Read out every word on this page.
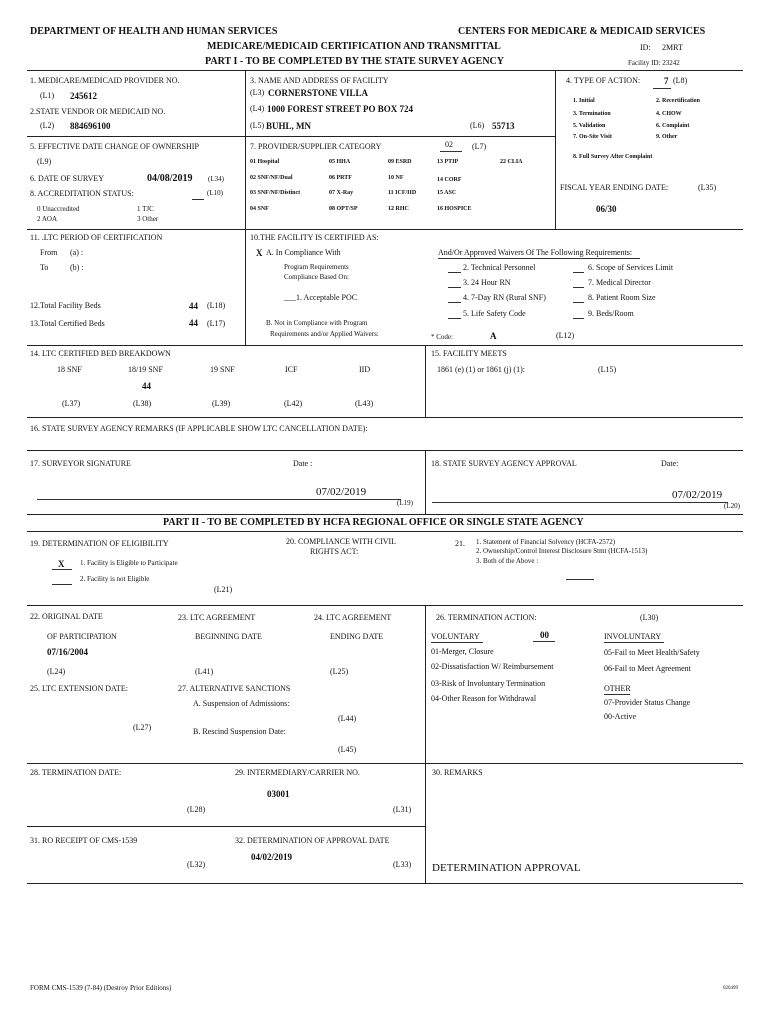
DEPARTMENT OF HEALTH AND HUMAN SERVICES	CENTERS FOR MEDICARE & MEDICAID SERVICES
MEDICARE/MEDICAID CERTIFICATION AND TRANSMITTAL	ID: 2MRT
PART I - TO BE COMPLETED BY THE STATE SURVEY AGENCY	Facility ID: 23242
1. MEDICARE/MEDICAID PROVIDER NO.
(L1) 245612
2.STATE VENDOR OR MEDICAID NO.
(L2) 884696100
3. NAME AND ADDRESS OF FACILITY
(L3) CORNERSTONE VILLA
(L4) 1000 FOREST STREET PO BOX 724
(L5) BUHL, MN	(L6) 55713
4. TYPE OF ACTION:	7 (L8)
1. Initial	2. Recertification
3. Termination	4. CHOW
5. Validation	6. Complaint
7. On-Site Visit	9. Other
8. Full Survey After Complaint
5. EFFECTIVE DATE CHANGE OF OWNERSHIP
(L9)
6. DATE OF SURVEY	04/08/2019 (L34)
8. ACCREDITATION STATUS:	(L10)
0 Unaccredited	1 TJC
2 AOA	3 Other
7. PROVIDER/SUPPLIER CATEGORY	02 (L7)
01 Hospital	05 HHA	09 ESRD	13 PTIP	22 CLIA
02 SNF/NF/Dual	06 PRTF	10 NF	14 CORF
03 SNF/NF/Distinct	07 X-Ray	11 ICF/IID	15 ASC
04 SNF	08 OPT/SP	12 RHC	16 HOSPICE
FISCAL YEAR ENDING DATE:	(L35)
06/30
11. .LTC PERIOD OF CERTIFICATION
From (a) :
To	(b) :
12.Total Facility Beds	44 (L18)
13.Total Certified Beds	44 (L17)
10.THE FACILITY IS CERTIFIED AS:
X A. In Compliance With
Program Requirements
Compliance Based On:
___1. Acceptable POC
B. Not in Compliance with Program
Requirements and/or Applied Waivers:
And/Or Approved Waivers Of The Following Requirements:
2. Technical Personnel
3. 24 Hour RN
4. 7-Day RN (Rural SNF)
5. Life Safety Code
6. Scope of Services Limit
7. Medical Director
8. Patient Room Size
9. Beds/Room
* Code:	A	(L12)
14. LTC CERTIFIED BED BREAKDOWN
18 SNF	18/19 SNF	19 SNF	ICF	IID
44
(L37)	(L38)	(L39)	(L42)	(L43)
15. FACILITY MEETS
1861 (e) (1) or 1861 (j) (1):	(L15)
16. STATE SURVEY AGENCY REMARKS (IF APPLICABLE SHOW LTC CANCELLATION DATE):
17. SURVEYOR SIGNATURE	Date :
07/02/2019
(L19)
18. STATE SURVEY AGENCY APPROVAL	Date:
07/02/2019
(L20)
PART II - TO BE COMPLETED BY HCFA REGIONAL OFFICE OR SINGLE STATE AGENCY
19. DETERMINATION OF ELIGIBILITY
X 1. Facility is Eligible to Participate
2. Facility is not Eligible
(L21)
20. COMPLIANCE WITH CIVIL
RIGHTS ACT:
21. 1. Statement of Financial Solvency (HCFA-2572)
2. Ownership/Control Interest Disclosure Stmt (HCFA-1513)
3. Both of the Above :
22. ORIGINAL DATE
OF PARTICIPATION
07/16/2004
(L24)
23. LTC AGREEMENT
BEGINNING DATE
(L41)
24. LTC AGREEMENT
ENDING DATE
(L25)
25. LTC EXTENSION DATE:
(L27)
27. ALTERNATIVE SANCTIONS
A. Suspension of Admissions:
(L44)
B. Rescind Suspension Date:
(L45)
26. TERMINATION ACTION:	(L30)
VOLUNTARY	00	INVOLUNTARY
01-Merger, Closure
02-Dissatisfaction W/ Reimbursement
03-Risk of Involuntary Termination
04-Other Reason for Withdrawal
05-Fail to Meet Health/Safety
06-Fail to Meet Agreement
OTHER
07-Provider Status Change
00-Active
28. TERMINATION DATE:
(L28)
29. INTERMEDIARY/CARRIER NO.
03001
(L31)
30. REMARKS
DETERMINATION APPROVAL
31. RO RECEIPT OF CMS-1539
(L32)
32. DETERMINATION OF APPROVAL DATE
04/02/2019
(L33)
FORM CMS-1539 (7-84) (Destroy Prior Editions)	020499
